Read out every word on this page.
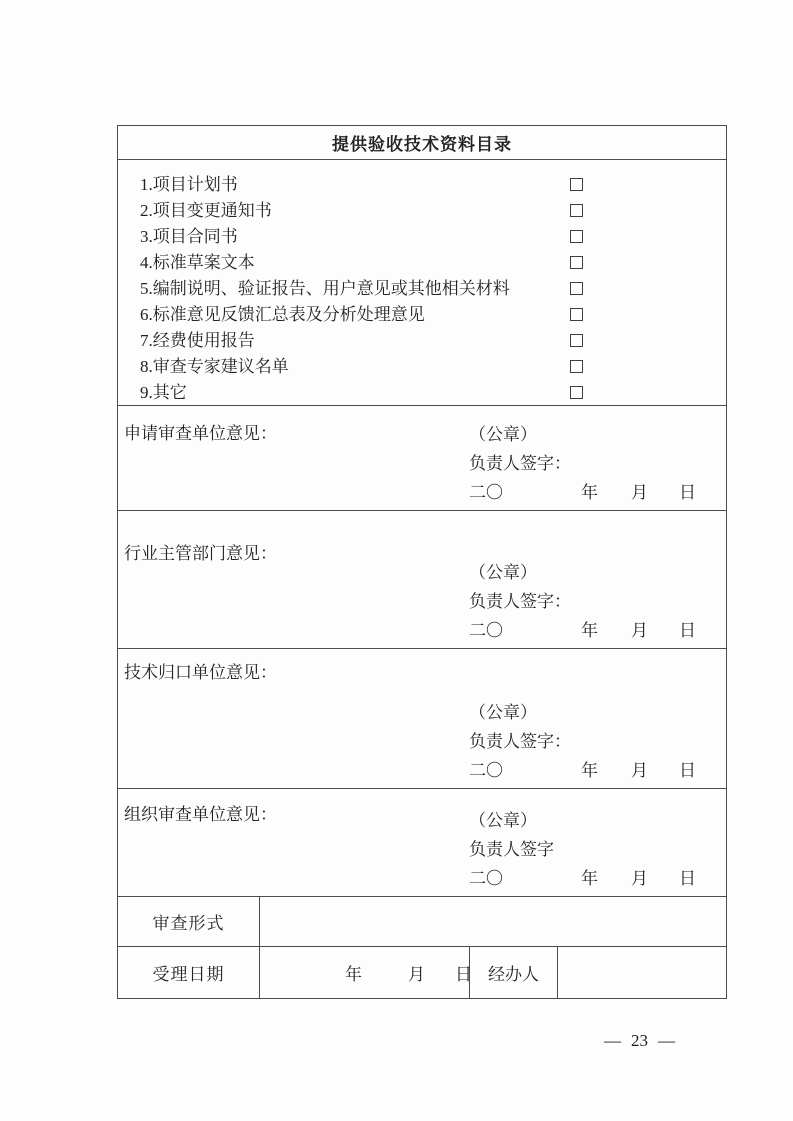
提供验收技术资料目录
1.项目计划书
2.项目变更通知书
3.项目合同书
4.标准草案文本
5.编制说明、验证报告、用户意见或其他相关材料
6.标准意见反馈汇总表及分析处理意见
7.经费使用报告
8.审查专家建议名单
9.其它
申请审查单位意见：	（公章）
负责人签字：
二〇	年 月 日
行业主管部门意见：
（公章）
负责人签字：
二〇	年 月 日
技术归口单位意见：
（公章）
负责人签字：
二〇	年 月 日
组织审查单位意见：	（公章）
负责人签字
二〇	年 月 日
审查形式
受理日期	年	月 日 经办人
— 23 —
